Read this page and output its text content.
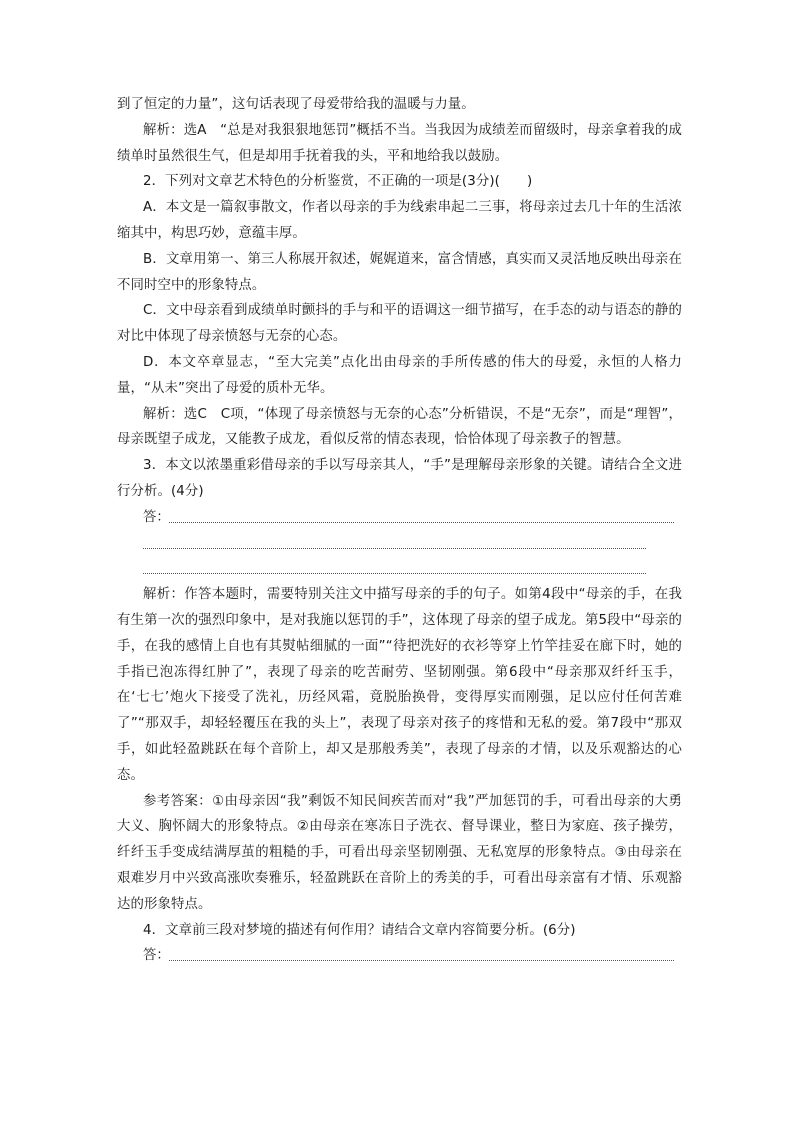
到了恒定的力量”，这句话表现了母爱带给我的温暖与力量。

解析：选A　“总是对我狠狠地惩罚”概括不当。当我因为成绩差而留级时，母亲拿着我的成绩单时虽然很生气，但是却用手抚着我的头，平和地给我以鼓励。

2．下列对文章艺术特色的分析鉴赏，不正确的一项是(3分)(　　)

A．本文是一篇叙事散文，作者以母亲的手为线索串起二三事，将母亲过去几十年的生活浓缩其中，构思巧妙，意蕴丰厚。

B．文章用第一、第三人称展开叙述，娓娓道来，富含情感，真实而又灵活地反映出母亲在不同时空中的形象特点。

C．文中母亲看到成绩单时颤抖的手与和平的语调这一细节描写，在手态的动与语态的静的对比中体现了母亲愤怒与无奈的心态。

D．本文卒章显志，“至大完美”点化出由母亲的手所传感的伟大的母爱，永恒的人格力量，“从未”突出了母爱的质朴无华。

解析：选C　C项，“体现了母亲愤怒与无奈的心态”分析错误，不是“无奈”，而是“理智”，母亲既望子成龙，又能教子成龙，看似反常的情态表现，恰恰体现了母亲教子的智慧。

3．本文以浓墨重彩借母亲的手以写母亲其人，“手”是理解母亲形象的关键。请结合全文进行分析。(4分)

答：

解析：作答本题时，需要特别关注文中描写母亲的手的句子。如第4段中“母亲的手，在我有生第一次的强烈印象中，是对我施以惩罚的手”，这体现了母亲的望子成龙。第5段中“母亲的手，在我的感情上自也有其熨帖细腻的一面”“待把洗好的衣衫等穿上竹竿挂妥在廊下时，她的手指已泡冻得红肿了”，表现了母亲的吃苦耐劳、坚韧刚强。第6段中“母亲那双纤纤玉手，在‘七七’炮火下接受了洗礼，历经风霜，竟脱胎换骨，变得厚实而刚强，足以应付任何苦难了”“那双手，却轻轻覆压在我的头上”，表现了母亲对孩子的疼惜和无私的爱。第7段中“那双手，如此轻盈跳跃在每个音阶上，却又是那般秀美”，表现了母亲的才情，以及乐观豁达的心态。

参考答案：①由母亲因“我”剩饭不知民间疾苦而对“我”严加惩罚的手，可看出母亲的大勇大义、胸怀阔大的形象特点。②由母亲在寒冻日子洗衣、督导课业，整日为家庭、孩子操劳，纤纤玉手变成结满厚茧的粗糙的手，可看出母亲坚韧刚强、无私宽厚的形象特点。③由母亲在艰难岁月中兴致高涨吹奏雅乐，轻盈跳跃在音阶上的秀美的手，可看出母亲富有才情、乐观豁达的形象特点。

4．文章前三段对梦境的描述有何作用？请结合文章内容简要分析。(6分)

答：
